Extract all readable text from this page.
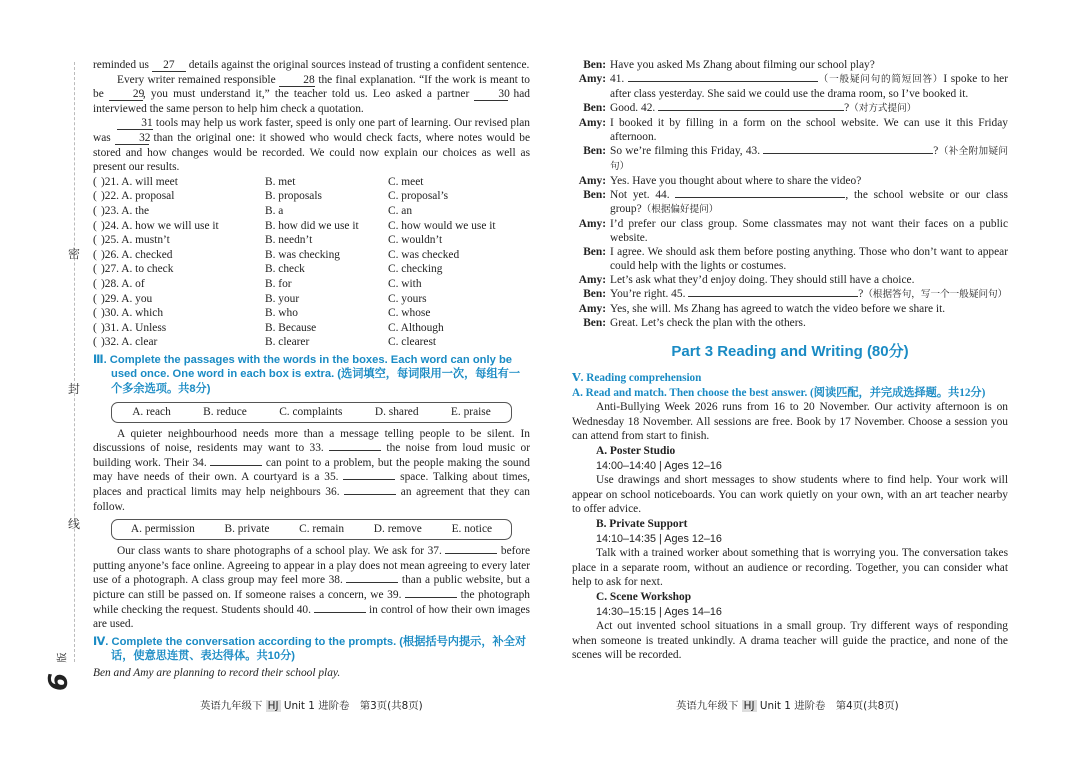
密
封
线
版
6

reminded us 27 details against the original sources instead of trusting a confident sentence.

Every writer remained responsible 28 the final explanation. “If the work is meant to be 29, you must understand it,” the teacher told us. Leo asked a partner 30 had interviewed the same person to help him check a quotation.

31 tools may help us work faster, speed is only one part of learning. Our revised plan was 32 than the original one: it showed who would check facts, where notes would be stored and how changes would be recorded. We could now explain our choices as well as present our results.

( )21. A. will meet	B. met	C. meet
( )22. A. proposal	B. proposals	C. proposal’s
( )23. A. the	B. a	C. an
( )24. A. how we will use it	B. how did we use it	C. how would we use it
( )25. A. mustn’t	B. needn’t	C. wouldn’t
( )26. A. checked	B. was checking	C. was checked
( )27. A. to check	B. check	C. checking
( )28. A. of	B. for	C. with
( )29. A. you	B. your	C. yours
( )30. A. which	B. who	C. whose
( )31. A. Unless	B. Because	C. Although
( )32. A. clear	B. clearer	C. clearest
Ⅲ. Complete the passages with the words in the boxes. Each word can only be used once. One word in each box is extra. (选词填空，每词限用一次，每组有一个多余选项。共8分)
A. reach	B. reduce	C. complaints	D. shared	E. praise

A quieter neighbourhood needs more than a message telling people to be silent. In discussions of noise, residents may want to 33.	the noise from loud music or building work. Their 34.	can point to a problem, but the people making the sound may have needs of their own. A courtyard is a 35.	space. Talking about times, places and practical limits may help neighbours 36.	an agreement that they can follow.

A. permission	B. private	C. remain	D. remove	E. notice

Our class wants to share photographs of a school play. We ask for 37.	before putting anyone’s face online. Agreeing to appear in a play does not mean agreeing to every later use of a photograph. A class group may feel more 38.	than a public website, but a picture can still be passed on. If someone raises a concern, we 39.	the photograph while checking the request. Students should 40.	in control of how their own images are used.

Ⅳ. Complete the conversation according to the prompts. (根据括号内提示，补全对话，使意思连贯、表达得体。共10分)

Ben and Amy are planning to record their school play.

Ben: Have you asked Ms Zhang about filming our school play?
Amy: 41.	（一般疑问句的简短回答）I spoke to her after class yesterday. She said we could use the drama room, so I’ve booked it.
Ben: Good. 42.	?（对方式提问）
Amy: I booked it by filling in a form on the school website. We can use it this Friday afternoon.
Ben: So we’re filming this Friday, 43.	?（补全附加疑问句）
Amy: Yes. Have you thought about where to share the video?
Ben: Not yet. 44.	, the school website or our class group?（根据偏好提问）
Amy: I’d prefer our class group. Some classmates may not want their faces on a public website.
Ben: I agree. We should ask them before posting anything. Those who don’t want to appear could help with the lights or costumes.
Amy: Let’s ask what they’d enjoy doing. They should still have a choice.
Ben: You’re right. 45.	?（根据答句，写一个一般疑问句）
Amy: Yes, she will. Ms Zhang has agreed to watch the video before we share it.
Ben: Great. Let’s check the plan with the others.
Part 3 Reading and Writing (80分)
Ⅴ. Reading comprehension
A. Read and match. Then choose the best answer. (阅读匹配，并完成选择题。共12分)

Anti-Bullying Week 2026 runs from 16 to 20 November. Our activity afternoon is on Wednesday 18 November. All sessions are free. Book by 17 November. Choose a session you can attend from start to finish.

A. Poster Studio
14:00–14:40 | Ages 12–16

Use drawings and short messages to show students where to find help. Your work will appear on school noticeboards. You can work quietly on your own, with an art teacher nearby to offer advice.

B. Private Support
14:10–14:35 | Ages 12–16

Talk with a trained worker about something that is worrying you. The conversation takes place in a separate room, without an audience or recording. Together, you can consider what help to ask for next.

C. Scene Workshop
14:30–15:15 | Ages 14–16

Act out invented school situations in a small group. Try different ways of responding when someone is treated unkindly. A drama teacher will guide the practice, and none of the scenes will be recorded.

英语九年级下 HJ Unit 1 进阶卷　第3页(共8页)	英语九年级下 HJ Unit 1 进阶卷　第4页(共8页)
